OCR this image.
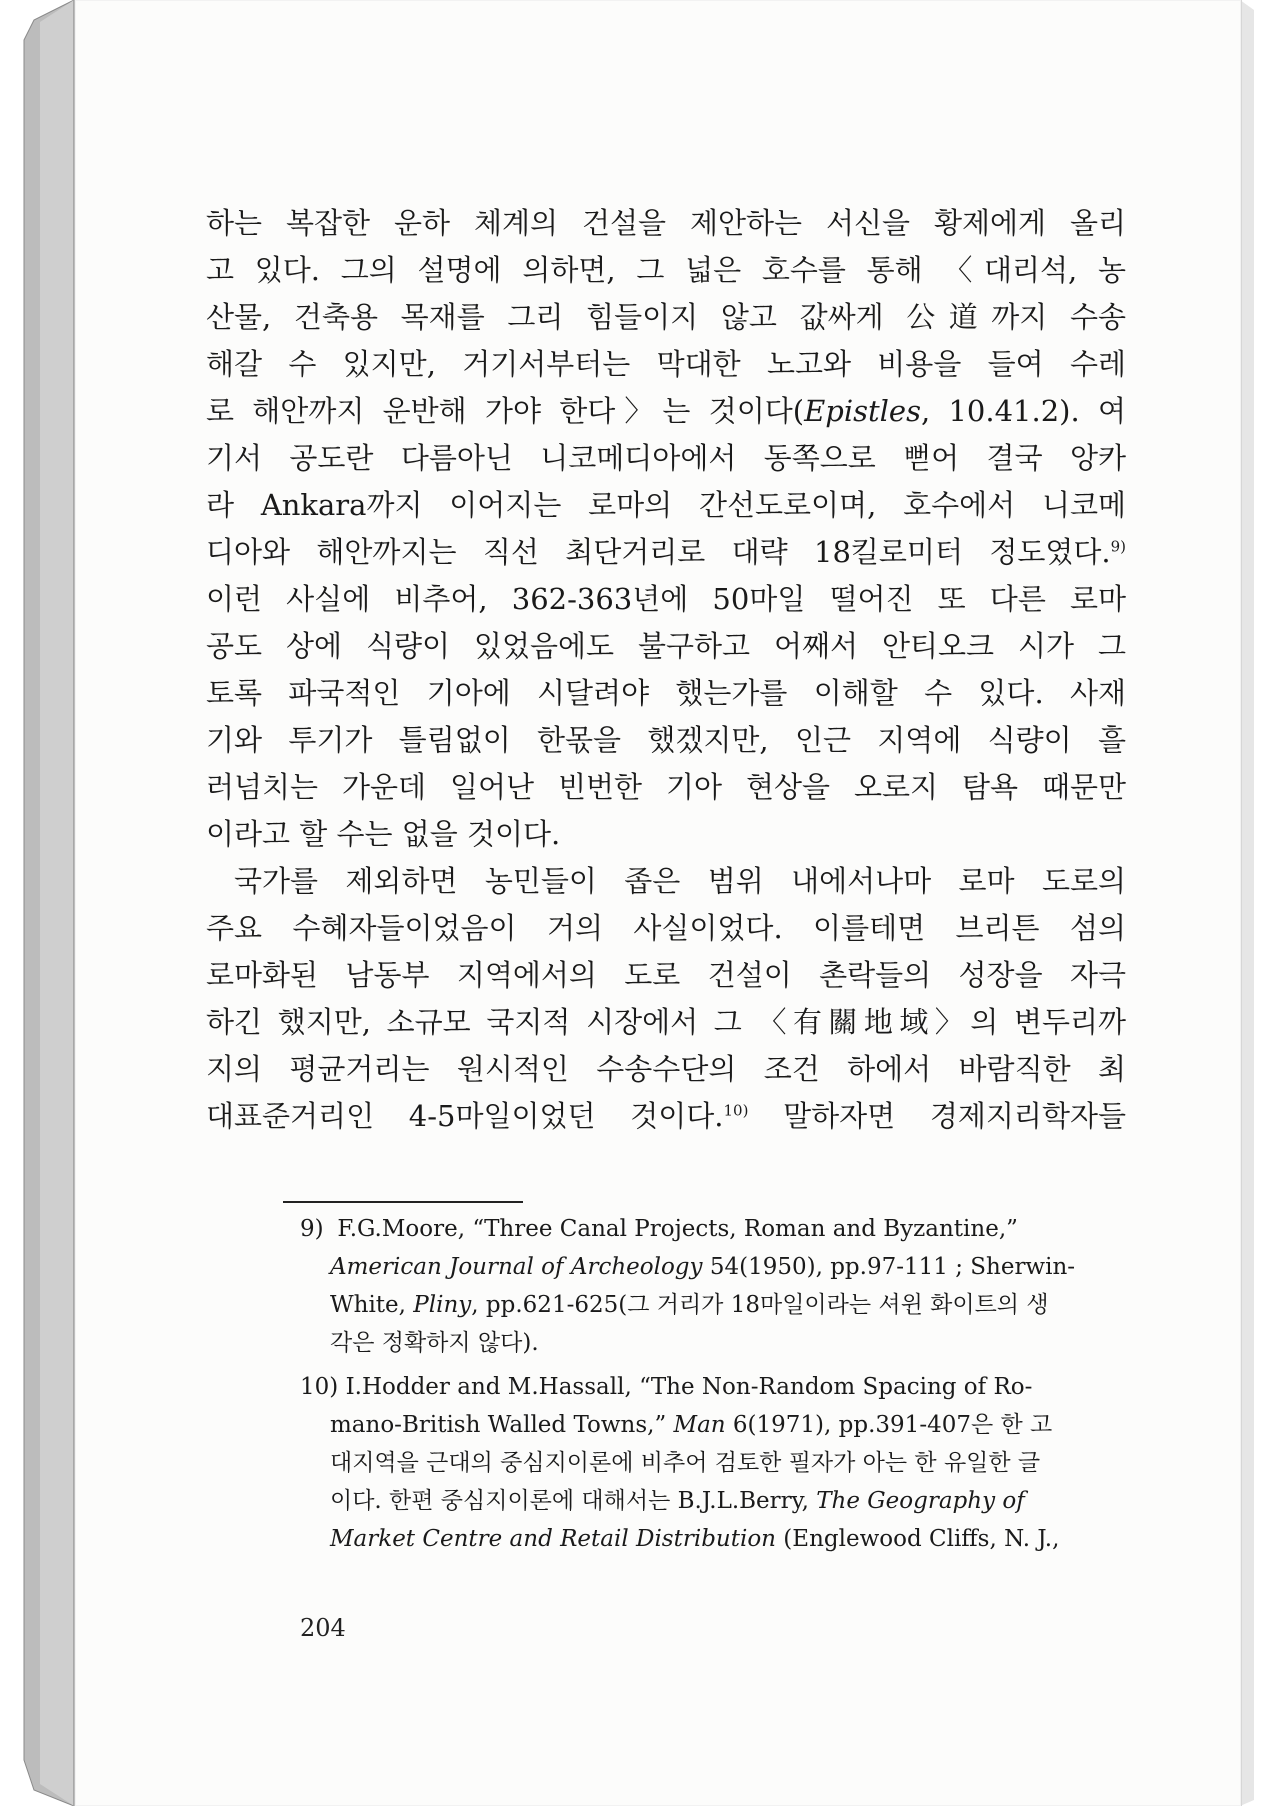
하는 복잡한 운하 체계의 건설을 제안하는 서신을 황제에게 올리
고 있다. 그의 설명에 의하면, 그 넓은 호수를 통해 〈대리석, 농
산물, 건축용 목재를 그리 힘들이지 않고 값싸게 公道까지 수송
해갈 수 있지만, 거기서부터는 막대한 노고와 비용을 들여 수레
로 해안까지 운반해 가야 한다〉는 것이다(Epistles, 10.41.2). 여
기서 공도란 다름아닌 니코메디아에서 동쪽으로 뻗어 결국 앙카
라 Ankara까지 이어지는 로마의 간선도로이며, 호수에서 니코메
디아와 해안까지는 직선 최단거리로 대략 18킬로미터 정도였다.$^{9)}$
이런 사실에 비추어, 362-363년에 50마일 떨어진 또 다른 로마
공도 상에 식량이 있었음에도 불구하고 어째서 안티오크 시가 그
토록 파국적인 기아에 시달려야 했는가를 이해할 수 있다. 사재
기와 투기가 틀림없이 한몫을 했겠지만, 인근 지역에 식량이 흘
러넘치는 가운데 일어난 빈번한 기아 현상을 오로지 탐욕 때문만
이라고 할 수는 없을 것이다.
국가를 제외하면 농민들이 좁은 범위 내에서나마 로마 도로의
주요 수혜자들이었음이 거의 사실이었다. 이를테면 브리튼 섬의
로마화된 남동부 지역에서의 도로 건설이 촌락들의 성장을 자극
하긴 했지만, 소규모 국지적 시장에서 그 〈有關地域〉의 변두리까
지의 평균거리는 원시적인 수송수단의 조건 하에서 바람직한 최
대표준거리인 4-5마일이었던 것이다.$^{10)}$ 말하자면 경제지리학자들
9) F.G.Moore, “Three Canal Projects, Roman and Byzantine,”
American Journal of Archeology 54(1950), pp.97-111 ; Sherwin-
White, Pliny, pp.621-625(그 거리가 18마일이라는 셔윈 화이트의 생
각은 정확하지 않다).
10) I.Hodder and M.Hassall, “The Non-Random Spacing of Ro-
mano-British Walled Towns,” Man 6(1971), pp.391-407은 한 고
대지역을 근대의 중심지이론에 비추어 검토한 필자가 아는 한 유일한 글
이다. 한편 중심지이론에 대해서는 B.J.L.Berry, The Geography of
Market Centre and Retail Distribution (Englewood Cliffs, N. J.,
204
